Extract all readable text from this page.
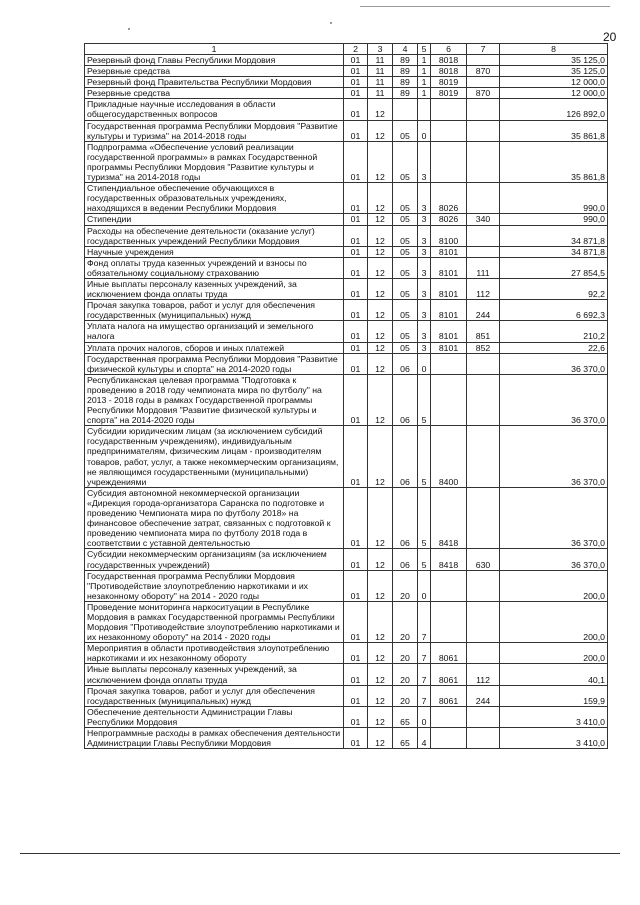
20
1	2	3	4	5	6	7	8
Резервный фонд Главы Республики Мордовия	01	11	89	1	8018		35 125,0
Резервные средства	01	11	89	1	8018	870	35 125,0
Резервный фонд Правительства Республики Мордовия	01	11	89	1	8019		12 000,0
Резервные средства	01	11	89	1	8019	870	12 000,0
Прикладные научные исследования в области общегосударственных вопросов	01	12					126 892,0
Государственная программа Республики Мордовия "Развитие культуры и туризма" на 2014-2018 годы	01	12	05	0			35 861,8
Подпрограмма «Обеспечение условий реализации государственной программы» в рамках Государственной программы Республики Мордовия "Развитие культуры и туризма" на 2014-2018 годы	01	12	05	3			35 861,8
Стипендиальное обеспечение обучающихся в государственных образовательных учреждениях, находящихся в ведении Республики Мордовия	01	12	05	3	8026		990,0
Стипендии	01	12	05	3	8026	340	990,0
Расходы на обеспечение деятельности (оказание услуг) государственных учреждений Республики Мордовия	01	12	05	3	8100		34 871,8
Научные учреждения	01	12	05	3	8101		34 871,8
Фонд оплаты труда казенных учреждений и взносы по обязательному социальному страхованию	01	12	05	3	8101	111	27 854,5
Иные выплаты персоналу казенных учреждений, за исключением фонда оплаты труда	01	12	05	3	8101	112	92,2
Прочая закупка товаров, работ и услуг для обеспечения государственных (муниципальных) нужд	01	12	05	3	8101	244	6 692,3
Уплата налога на имущество организаций и земельного налога	01	12	05	3	8101	851	210,2
Уплата прочих налогов, сборов и иных платежей	01	12	05	3	8101	852	22,6
Государственная программа Республики Мордовия "Развитие физической культуры и спорта" на 2014-2020 годы	01	12	06	0			36 370,0
Республиканская целевая программа "Подготовка к проведению в 2018 году чемпионата мира по футболу" на 2013 - 2018 годы в рамках Государственной программы Республики Мордовия "Развитие физической культуры и спорта" на 2014-2020 годы	01	12	06	5			36 370,0
Субсидии юридическим лицам (за исключением субсидий государственным учреждениям), индивидуальным предпринимателям, физическим лицам - производителям товаров, работ, услуг, а также некоммерческим организациям, не являющимся государственными (муниципальными) учреждениями	01	12	06	5	8400		36 370,0
Субсидия автономной некоммерческой организации «Дирекция города-организатора Саранска по подготовке и проведению Чемпионата мира по футболу 2018» на финансовое обеспечение затрат, связанных с подготовкой к проведению чемпионата мира по футболу 2018 года в соответствии с уставной деятельностью	01	12	06	5	8418		36 370,0
Субсидии некоммерческим организациям (за исключением государственных учреждений)	01	12	06	5	8418	630	36 370,0
Государственная программа Республики Мордовия "Противодействие злоупотреблению наркотиками и их незаконному обороту" на 2014 - 2020 годы	01	12	20	0			200,0
Проведение мониторинга наркоситуации в Республике Мордовия в рамках Государственной программы Республики Мордовия "Противодействие злоупотреблению наркотиками и их незаконному обороту" на 2014 - 2020 годы	01	12	20	7			200,0
Мероприятия в области противодействия злоупотреблению наркотиками и их незаконному обороту	01	12	20	7	8061		200,0
Иные выплаты персоналу казенных учреждений, за исключением фонда оплаты труда	01	12	20	7	8061	112	40,1
Прочая закупка товаров, работ и услуг для обеспечения государственных (муниципальных) нужд	01	12	20	7	8061	244	159,9
Обеспечение деятельности Администрации Главы Республики Мордовия	01	12	65	0			3 410,0
Непрограммные расходы в рамках обеспечения деятельности Администрации Главы Республики Мордовия	01	12	65	4			3 410,0
